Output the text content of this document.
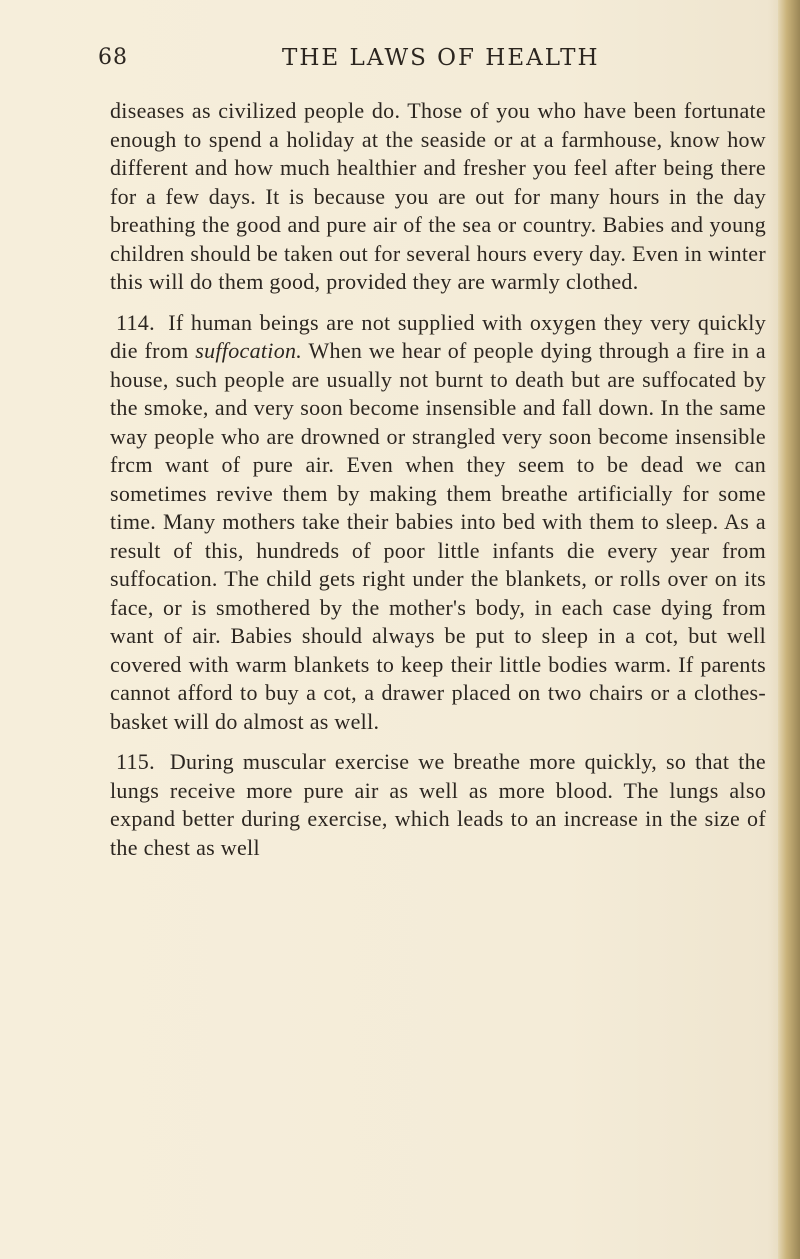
68	THE LAWS OF HEALTH

diseases as civilized people do. Those of you who have been fortunate enough to spend a holiday at the seaside or at a farmhouse, know how different and how much healthier and fresher you feel after being there for a few days. It is because you are out for many hours in the day breathing the good and pure air of the sea or country. Babies and young children should be taken out for several hours every day. Even in winter this will do them good, provided they are warmly clothed.

114. If human beings are not supplied with oxygen they very quickly die from suffocation. When we hear of people dying through a fire in a house, such people are usually not burnt to death but are suffocated by the smoke, and very soon become insensible and fall down. In the same way people who are drowned or strangled very soon become insensible frcm want of pure air. Even when they seem to be dead we can sometimes revive them by making them breathe artificially for some time. Many mothers take their babies into bed with them to sleep. As a result of this, hundreds of poor little infants die every year from suffocation. The child gets right under the blankets, or rolls over on its face, or is smothered by the mother's body, in each case dying from want of air. Babies should always be put to sleep in a cot, but well covered with warm blankets to keep their little bodies warm. If parents cannot afford to buy a cot, a drawer placed on two chairs or a clothes-basket will do almost as well.

115. During muscular exercise we breathe more quickly, so that the lungs receive more pure air as well as more blood. The lungs also expand better during exercise, which leads to an increase in the size of the chest as well
